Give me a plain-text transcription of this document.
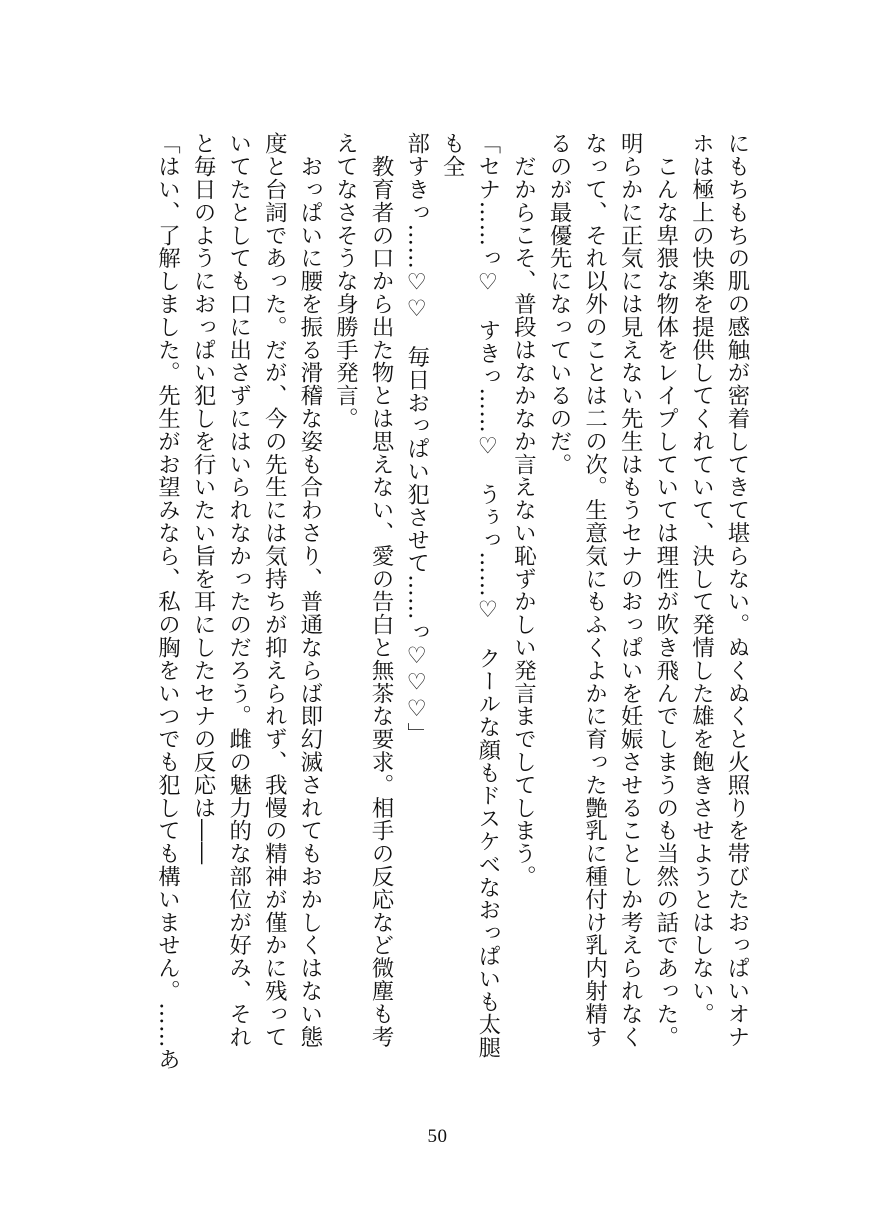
にもちもちの肌の感触が密着してきて堪らない。ぬくぬくと火照りを帯びたおっぱいオナ

ホは極上の快楽を提供してくれていて、決して発情した雄を飽きさせようとはしない。

　こんな卑猥な物体をレイプしていては理性が吹き飛んでしまうのも当然の話であった。

明らかに正気には見えない先生はもうセナのおっぱいを妊娠させることしか考えられなく

なって、それ以外のことは二の次。生意気にもふくよかに育った艶乳に種付け乳内射精す

るのが最優先になっているのだ。

　だからこそ、普段はなかなか言えない恥ずかしい発言までしてしまう。

「セナ……っ♡　すきっ……♡　うぅっ……♡　クールな顔もドスケベなおっぱいも太腿も全

部すきっ……♡♡　毎日おっぱい犯させて……っ♡♡♡」

　教育者の口から出た物とは思えない、愛の告白と無茶な要求。相手の反応など微塵も考

えてなさそうな身勝手発言。

　おっぱいに腰を振る滑稽な姿も合わさり、普通ならば即幻滅されてもおかしくはない態

度と台詞であった。だが、今の先生には気持ちが抑えられず、我慢の精神が僅かに残って

いてたとしても口に出さずにはいられなかったのだろう。雌の魅力的な部位が好み、それ

と毎日のようにおっぱい犯しを行いたい旨を耳にしたセナの反応は――

「はい、了解しました。先生がお望みなら、私の胸をいつでも犯しても構いません。……あ

50
